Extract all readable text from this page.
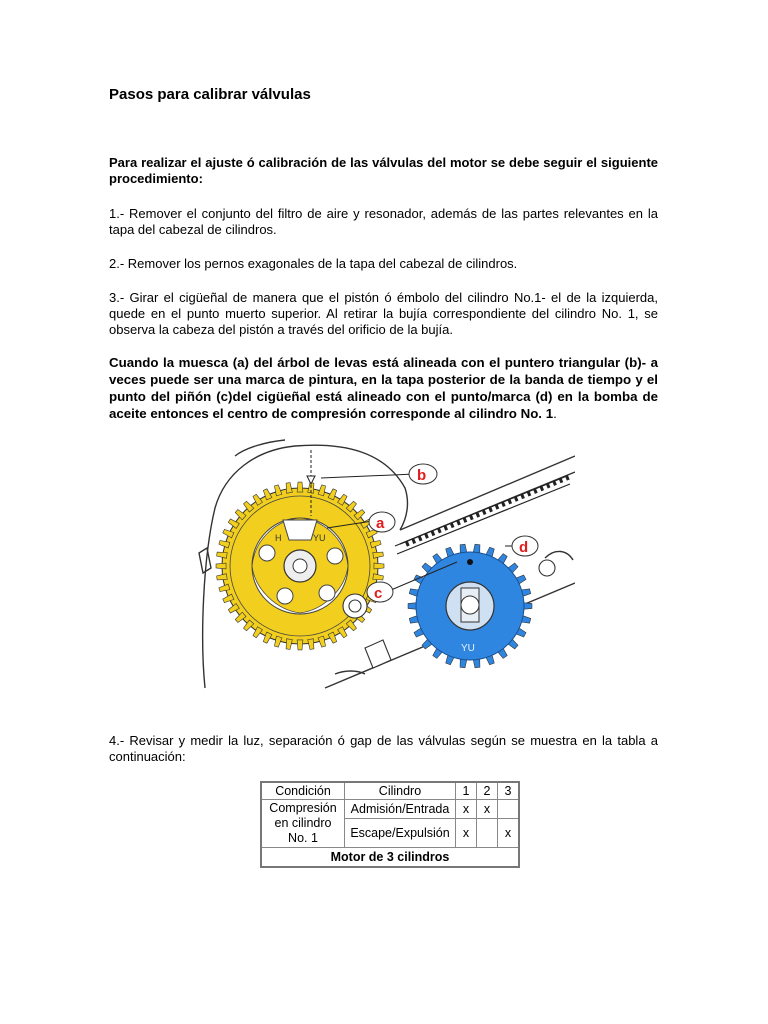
Pasos para calibrar válvulas

Para realizar el ajuste ó calibración de las válvulas del motor se debe seguir el siguiente procedimiento:

1.- Remover el conjunto del filtro de aire y resonador, además de las partes relevantes en la tapa del cabezal de cilindros.

2.- Remover los pernos exagonales de la tapa del cabezal de cilindros.

3.- Girar el cigüeñal de manera que el pistón ó émbolo del cilindro No.1- el de la izquierda, quede en el punto muerto superior. Al retirar la bujía correspondiente del cilindro No. 1, se observa la cabeza del pistón a través del orificio de la bujía.

Cuando la muesca (a) del árbol de levas está alineada con el puntero triangular (b)- a veces puede ser una marca de pintura, en la tapa posterior de la banda de tiempo y el punto del piñón (c)del cigüeñal está alineado con el punto/marca (d) en la bomba de aceite entonces el centro de compresión corresponde al cilindro No. 1.

H	YU
YU
b
a
d
c

4.- Revisar y medir la luz, separación ó gap de las válvulas según se muestra en la tabla a continuación:

Condición	Cilindro	1	2	3
Compresión en cilindro No. 1	Admisión/Entrada	x	x	
	Escape/Expulsión	x		x
Motor de 3 cilindros				
